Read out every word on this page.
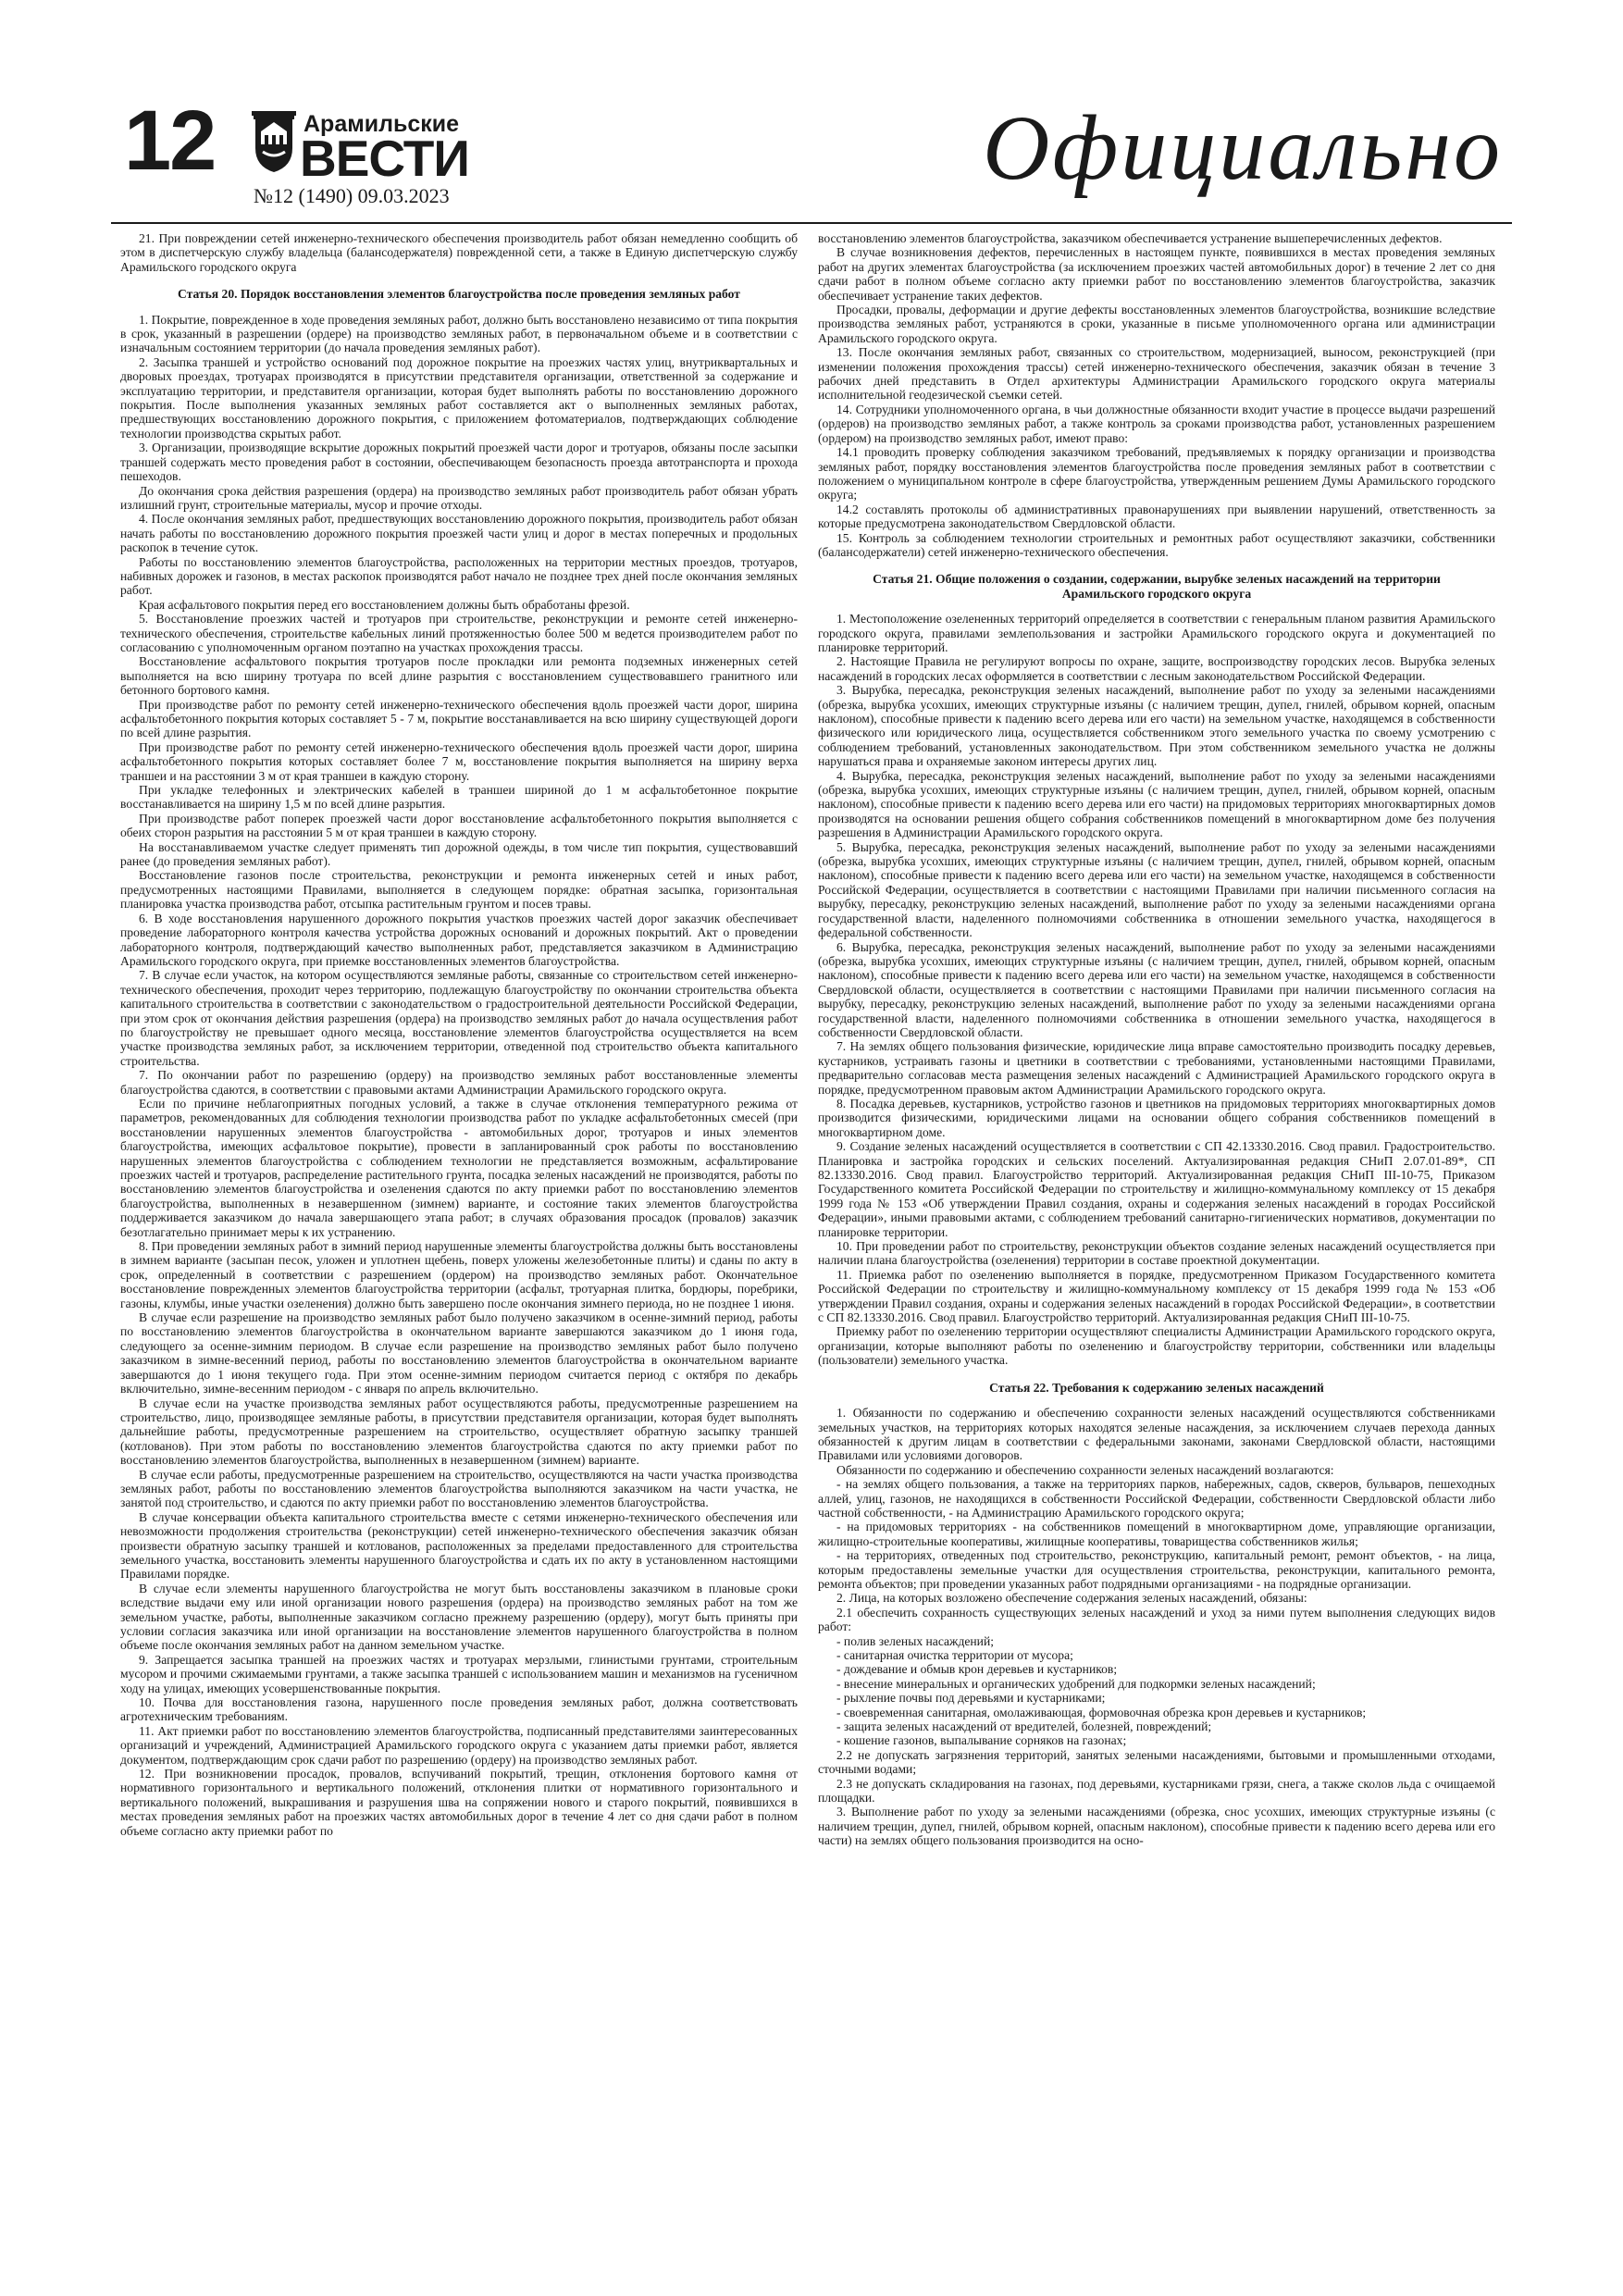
12	Арамильские
ВЕСТИ
№12 (1490) 09.03.2023	Официально

21. При повреждении сетей инженерно-технического обеспечения производитель работ обязан немедленно сообщить об этом в диспетчерскую службу владельца (балансодержателя) поврежденной сети, а также в Единую диспетчерскую службу Арамильского городского округа

Статья 20. Порядок восстановления элементов благоустройства после проведения земляных работ

1. Покрытие, поврежденное в ходе проведения земляных работ, должно быть восстановлено независимо от типа покрытия в срок, указанный в разрешении (ордере) на производство земляных работ, в первоначальном объеме и в соответствии с изначальным состоянием территории (до начала проведения земляных работ).

2. Засыпка траншей и устройство оснований под дорожное покрытие на проезжих частях улиц, внутриквартальных и дворовых проездах, тротуарах производятся в присутствии представителя организации, ответственной за содержание и эксплуатацию территории, и представителя организации, которая будет выполнять работы по восстановлению дорожного покрытия. После выполнения указанных земляных работ составляется акт о выполненных земляных работах, предшествующих восстановлению дорожного покрытия, с приложением фотоматериалов, подтверждающих соблюдение технологии производства скрытых работ.

3. Организации, производящие вскрытие дорожных покрытий проезжей части дорог и тротуаров, обязаны после засыпки траншей содержать место проведения работ в состоянии, обеспечивающем безопасность проезда автотранспорта и прохода пешеходов.

До окончания срока действия разрешения (ордера) на производство земляных работ производитель работ обязан убрать излишний грунт, строительные материалы, мусор и прочие отходы.

4. После окончания земляных работ, предшествующих восстановлению дорожного покрытия, производитель работ обязан начать работы по восстановлению дорожного покрытия проезжей части улиц и дорог в местах поперечных и продольных раскопок в течение суток.

Работы по восстановлению элементов благоустройства, расположенных на территории местных проездов, тротуаров, набивных дорожек и газонов, в местах раскопок производятся работ начало не позднее трех дней после окончания земляных работ.

Края асфальтового покрытия перед его восстановлением должны быть обработаны фрезой.

5. Восстановление проезжих частей и тротуаров при строительстве, реконструкции и ремонте сетей инженерно-технического обеспечения, строительстве кабельных линий протяженностью более 500 м ведется производителем работ по согласованию с уполномоченным органом поэтапно на участках прохождения трассы.

Восстановление асфальтового покрытия тротуаров после прокладки или ремонта подземных инженерных сетей выполняется на всю ширину тротуара по всей длине разрытия с восстановлением существовавшего гранитного или бетонного бортового камня.

При производстве работ по ремонту сетей инженерно-технического обеспечения вдоль проезжей части дорог, ширина асфальтобетонного покрытия которых составляет 5 - 7 м, покрытие восстанавливается на всю ширину существующей дороги по всей длине разрытия.

При производстве работ по ремонту сетей инженерно-технического обеспечения вдоль проезжей части дорог, ширина асфальтобетонного покрытия которых составляет более 7 м, восстановление покрытия выполняется на ширину верха траншеи и на расстоянии 3 м от края траншеи в каждую сторону.

При укладке телефонных и электрических кабелей в траншеи шириной до 1 м асфальтобетонное покрытие восстанавливается на ширину 1,5 м по всей длине разрытия.

При производстве работ поперек проезжей части дорог восстановление асфальтобетонного покрытия выполняется с обеих сторон разрытия на расстоянии 5 м от края траншеи в каждую сторону.

На восстанавливаемом участке следует применять тип дорожной одежды, в том числе тип покрытия, существовавший ранее (до проведения земляных работ).

Восстановление газонов после строительства, реконструкции и ремонта инженерных сетей и иных работ, предусмотренных настоящими Правилами, выполняется в следующем порядке: обратная засыпка, горизонтальная планировка участка производства работ, отсыпка растительным грунтом и посев травы.

6. В ходе восстановления нарушенного дорожного покрытия участков проезжих частей дорог заказчик обеспечивает проведение лабораторного контроля качества устройства дорожных оснований и дорожных покрытий. Акт о проведении лабораторного контроля, подтверждающий качество выполненных работ, представляется заказчиком в Администрацию Арамильского городского округа, при приемке восстановленных элементов благоустройства.

7. В случае если участок, на котором осуществляются земляные работы, связанные со строительством сетей инженерно-технического обеспечения, проходит через территорию, подлежащую благоустройству по окончании строительства объекта капитального строительства в соответствии с законодательством о градостроительной деятельности Российской Федерации, при этом срок от окончания действия разрешения (ордера) на производство земляных работ до начала осуществления работ по благоустройству не превышает одного месяца, восстановление элементов благоустройства осуществляется на всем участке производства земляных работ, за исключением территории, отведенной под строительство объекта капитального строительства.

7. По окончании работ по разрешению (ордеру) на производство земляных работ восстановленные элементы благоустройства сдаются, в соответствии с правовыми актами Администрации Арамильского городского округа.

Если по причине неблагоприятных погодных условий, а также в случае отклонения температурного режима от параметров, рекомендованных для соблюдения технологии производства работ по укладке асфальтобетонных смесей (при восстановлении нарушенных элементов благоустройства - автомобильных дорог, тротуаров и иных элементов благоустройства, имеющих асфальтовое покрытие), провести в запланированный срок работы по восстановлению нарушенных элементов благоустройства с соблюдением технологии не представляется возможным, асфальтирование проезжих частей и тротуаров, распределение растительного грунта, посадка зеленых насаждений не производятся, работы по восстановлению элементов благоустройства и озеленения сдаются по акту приемки работ по восстановлению элементов благоустройства, выполненных в незавершенном (зимнем) варианте, и состояние таких элементов благоустройства поддерживается заказчиком до начала завершающего этапа работ; в случаях образования просадок (провалов) заказчик безотлагательно принимает меры к их устранению.

8. При проведении земляных работ в зимний период нарушенные элементы благоустройства должны быть восстановлены в зимнем варианте (засыпан песок, уложен и уплотнен щебень, поверх уложены железобетонные плиты) и сданы по акту в срок, определенный в соответствии с разрешением (ордером) на производство земляных работ. Окончательное восстановление поврежденных элементов благоустройства территории (асфальт, тротуарная плитка, бордюры, поребрики, газоны, клумбы, иные участки озеленения) должно быть завершено после окончания зимнего периода, но не позднее 1 июня.

В случае если разрешение на производство земляных работ было получено заказчиком в осенне-зимний период, работы по восстановлению элементов благоустройства в окончательном варианте завершаются заказчиком до 1 июня года, следующего за осенне-зимним периодом. В случае если разрешение на производство земляных работ было получено заказчиком в зимне-весенний период, работы по восстановлению элементов благоустройства в окончательном варианте завершаются до 1 июня текущего года. При этом осенне-зимним периодом считается период с октября по декабрь включительно, зимне-весенним периодом - с января по апрель включительно.

В случае если на участке производства земляных работ осуществляются работы, предусмотренные разрешением на строительство, лицо, производящее земляные работы, в присутствии представителя организации, которая будет выполнять дальнейшие работы, предусмотренные разрешением на строительство, осуществляет обратную засыпку траншей (котлованов). При этом работы по восстановлению элементов благоустройства сдаются по акту приемки работ по восстановлению элементов благоустройства, выполненных в незавершенном (зимнем) варианте.

В случае если работы, предусмотренные разрешением на строительство, осуществляются на части участка производства земляных работ, работы по восстановлению элементов благоустройства выполняются заказчиком на части участка, не занятой под строительство, и сдаются по акту приемки работ по восстановлению элементов благоустройства.

В случае консервации объекта капитального строительства вместе с сетями инженерно-технического обеспечения или невозможности продолжения строительства (реконструкции) сетей инженерно-технического обеспечения заказчик обязан произвести обратную засыпку траншей и котлованов, расположенных за пределами предоставленного для строительства земельного участка, восстановить элементы нарушенного благоустройства и сдать их по акту в установленном настоящими Правилами порядке.

В случае если элементы нарушенного благоустройства не могут быть восстановлены заказчиком в плановые сроки вследствие выдачи ему или иной организации нового разрешения (ордера) на производство земляных работ на том же земельном участке, работы, выполненные заказчиком согласно прежнему разрешению (ордеру), могут быть приняты при условии согласия заказчика или иной организации на восстановление элементов нарушенного благоустройства в полном объеме после окончания земляных работ на данном земельном участке.

9. Запрещается засыпка траншей на проезжих частях и тротуарах мерзлыми, глинистыми грунтами, строительным мусором и прочими сжимаемыми грунтами, а также засыпка траншей с использованием машин и механизмов на гусеничном ходу на улицах, имеющих усовершенствованные покрытия.

10. Почва для восстановления газона, нарушенного после проведения земляных работ, должна соответствовать агротехническим требованиям.

11. Акт приемки работ по восстановлению элементов благоустройства, подписанный представителями заинтересованных организаций и учреждений, Администрацией Арамильского городского округа с указанием даты приемки работ, является документом, подтверждающим срок сдачи работ по разрешению (ордеру) на производство земляных работ.

12. При возникновении просадок, провалов, вспучиваний покрытий, трещин, отклонения бортового камня от нормативного горизонтального и вертикального положений, отклонения плитки от нормативного горизонтального и вертикального положений, выкрашивания и разрушения шва на сопряжении нового и старого покрытий, появившихся в местах проведения земляных работ на проезжих частях автомобильных дорог в течение 4 лет со дня сдачи работ в полном объеме согласно акту приемки работ по

восстановлению элементов благоустройства, заказчиком обеспечивается устранение вышеперечисленных дефектов.

В случае возникновения дефектов, перечисленных в настоящем пункте, появившихся в местах проведения земляных работ на других элементах благоустройства (за исключением проезжих частей автомобильных дорог) в течение 2 лет со дня сдачи работ в полном объеме согласно акту приемки работ по восстановлению элементов благоустройства, заказчик обеспечивает устранение таких дефектов.

Просадки, провалы, деформации и другие дефекты восстановленных элементов благоустройства, возникшие вследствие производства земляных работ, устраняются в сроки, указанные в письме уполномоченного органа или администрации Арамильского городского округа.

13. После окончания земляных работ, связанных со строительством, модернизацией, выносом, реконструкцией (при изменении положения прохождения трассы) сетей инженерно-технического обеспечения, заказчик обязан в течение 3 рабочих дней представить в Отдел архитектуры Администрации Арамильского городского округа материалы исполнительной геодезической съемки сетей.

14. Сотрудники уполномоченного органа, в чьи должностные обязанности входит участие в процессе выдачи разрешений (ордеров) на производство земляных работ, а также контроль за сроками производства работ, установленных разрешением (ордером) на производство земляных работ, имеют право:

14.1 проводить проверку соблюдения заказчиком требований, предъявляемых к порядку организации и производства земляных работ, порядку восстановления элементов благоустройства после проведения земляных работ в соответствии с положением о муниципальном контроле в сфере благоустройства, утвержденным решением Думы Арамильского городского округа;

14.2 составлять протоколы об административных правонарушениях при выявлении нарушений, ответственность за которые предусмотрена законодательством Свердловской области.

15. Контроль за соблюдением технологии строительных и ремонтных работ осуществляют заказчики, собственники (балансодержатели) сетей инженерно-технического обеспечения.

Статья 21. Общие положения о создании, содержании, вырубке зеленых насаждений на территории Арамильского городского округа

1. Местоположение озелененных территорий определяется в соответствии с генеральным планом развития Арамильского городского округа, правилами землепользования и застройки Арамильского городского округа и документацией по планировке территорий.

2. Настоящие Правила не регулируют вопросы по охране, защите, воспроизводству городских лесов. Вырубка зеленых насаждений в городских лесах оформляется в соответствии с лесным законодательством Российской Федерации.

3. Вырубка, пересадка, реконструкция зеленых насаждений, выполнение работ по уходу за зелеными насаждениями (обрезка, вырубка усохших, имеющих структурные изъяны (с наличием трещин, дупел, гнилей, обрывом корней, опасным наклоном), способные привести к падению всего дерева или его части) на земельном участке, находящемся в собственности физического или юридического лица, осуществляется собственником этого земельного участка по своему усмотрению с соблюдением требований, установленных законодательством. При этом собственником земельного участка не должны нарушаться права и охраняемые законом интересы других лиц.

4. Вырубка, пересадка, реконструкция зеленых насаждений, выполнение работ по уходу за зелеными насаждениями (обрезка, вырубка усохших, имеющих структурные изъяны (с наличием трещин, дупел, гнилей, обрывом корней, опасным наклоном), способные привести к падению всего дерева или его части) на придомовых территориях многоквартирных домов производятся на основании решения общего собрания собственников помещений в многоквартирном доме без получения разрешения в Администрации Арамильского городского округа.

5. Вырубка, пересадка, реконструкция зеленых насаждений, выполнение работ по уходу за зелеными насаждениями (обрезка, вырубка усохших, имеющих структурные изъяны (с наличием трещин, дупел, гнилей, обрывом корней, опасным наклоном), способные привести к падению всего дерева или его части) на земельном участке, находящемся в собственности Российской Федерации, осуществляется в соответствии с настоящими Правилами при наличии письменного согласия на вырубку, пересадку, реконструкцию зеленых насаждений, выполнение работ по уходу за зелеными насаждениями органа государственной власти, наделенного полномочиями собственника в отношении земельного участка, находящегося в федеральной собственности.

6. Вырубка, пересадка, реконструкция зеленых насаждений, выполнение работ по уходу за зелеными насаждениями (обрезка, вырубка усохших, имеющих структурные изъяны (с наличием трещин, дупел, гнилей, обрывом корней, опасным наклоном), способные привести к падению всего дерева или его части) на земельном участке, находящемся в собственности Свердловской области, осуществляется в соответствии с настоящими Правилами при наличии письменного согласия на вырубку, пересадку, реконструкцию зеленых насаждений, выполнение работ по уходу за зелеными насаждениями органа государственной власти, наделенного полномочиями собственника в отношении земельного участка, находящегося в собственности Свердловской области.

7. На землях общего пользования физические, юридические лица вправе самостоятельно производить посадку деревьев, кустарников, устраивать газоны и цветники в соответствии с требованиями, установленными настоящими Правилами, предварительно согласовав места размещения зеленых насаждений с Администрацией Арамильского городского округа в порядке, предусмотренном правовым актом Администрации Арамильского городского округа.

8. Посадка деревьев, кустарников, устройство газонов и цветников на придомовых территориях многоквартирных домов производится физическими, юридическими лицами на основании общего собрания собственников помещений в многоквартирном доме.

9. Создание зеленых насаждений осуществляется в соответствии с СП 42.13330.2016. Свод правил. Градостроительство. Планировка и застройка городских и сельских поселений. Актуализированная редакция СНиП 2.07.01-89*, СП 82.13330.2016. Свод правил. Благоустройство территорий. Актуализированная редакция СНиП III-10-75, Приказом Государственного комитета Российской Федерации по строительству и жилищно-коммунальному комплексу от 15 декабря 1999 года № 153 «Об утверждении Правил создания, охраны и содержания зеленых насаждений в городах Российской Федерации», иными правовыми актами, с соблюдением требований санитарно-гигиенических нормативов, документации по планировке территории.

10. При проведении работ по строительству, реконструкции объектов создание зеленых насаждений осуществляется при наличии плана благоустройства (озеленения) территории в составе проектной документации.

11. Приемка работ по озеленению выполняется в порядке, предусмотренном Приказом Государственного комитета Российской Федерации по строительству и жилищно-коммунальному комплексу от 15 декабря 1999 года № 153 «Об утверждении Правил создания, охраны и содержания зеленых насаждений в городах Российской Федерации», в соответствии с СП 82.13330.2016. Свод правил. Благоустройство территорий. Актуализированная редакция СНиП III-10-75.

Приемку работ по озеленению территории осуществляют специалисты Администрации Арамильского городского округа, организации, которые выполняют работы по озеленению и благоустройству территории, собственники или владельцы (пользователи) земельного участка.

Статья 22. Требования к содержанию зеленых насаждений

1. Обязанности по содержанию и обеспечению сохранности зеленых насаждений осуществляются собственниками земельных участков, на территориях которых находятся зеленые насаждения, за исключением случаев перехода данных обязанностей к другим лицам в соответствии с федеральными законами, законами Свердловской области, настоящими Правилами или условиями договоров.

Обязанности по содержанию и обеспечению сохранности зеленых насаждений возлагаются:

- на землях общего пользования, а также на территориях парков, набережных, садов, скверов, бульваров, пешеходных аллей, улиц, газонов, не находящихся в собственности Российской Федерации, собственности Свердловской области либо частной собственности, - на Администрацию Арамильского городского округа;

- на придомовых территориях - на собственников помещений в многоквартирном доме, управляющие организации, жилищно-строительные кооперативы, жилищные кооперативы, товарищества собственников жилья;

- на территориях, отведенных под строительство, реконструкцию, капитальный ремонт, ремонт объектов, - на лица, которым предоставлены земельные участки для осуществления строительства, реконструкции, капитального ремонта, ремонта объектов; при проведении указанных работ подрядными организациями - на подрядные организации.

2. Лица, на которых возложено обеспечение содержания зеленых насаждений, обязаны:

2.1 обеспечить сохранность существующих зеленых насаждений и уход за ними путем выполнения следующих видов работ:

- полив зеленых насаждений;

- санитарная очистка территории от мусора;

- дождевание и обмыв крон деревьев и кустарников;

- внесение минеральных и органических удобрений для подкормки зеленых насаждений;

- рыхление почвы под деревьями и кустарниками;

- своевременная санитарная, омолаживающая, формовочная обрезка крон деревьев и кустарников;

- защита зеленых насаждений от вредителей, болезней, повреждений;

- кошение газонов, выпалывание сорняков на газонах;

2.2 не допускать загрязнения территорий, занятых зелеными насаждениями, бытовыми и промышленными отходами, сточными водами;

2.3 не допускать складирования на газонах, под деревьями, кустарниками грязи, снега, а также сколов льда с очищаемой площадки.

3. Выполнение работ по уходу за зелеными насаждениями (обрезка, снос усохших, имеющих структурные изъяны (с наличием трещин, дупел, гнилей, обрывом корней, опасным наклоном), способные привести к падению всего дерева или его части) на землях общего пользования производится на осно-
